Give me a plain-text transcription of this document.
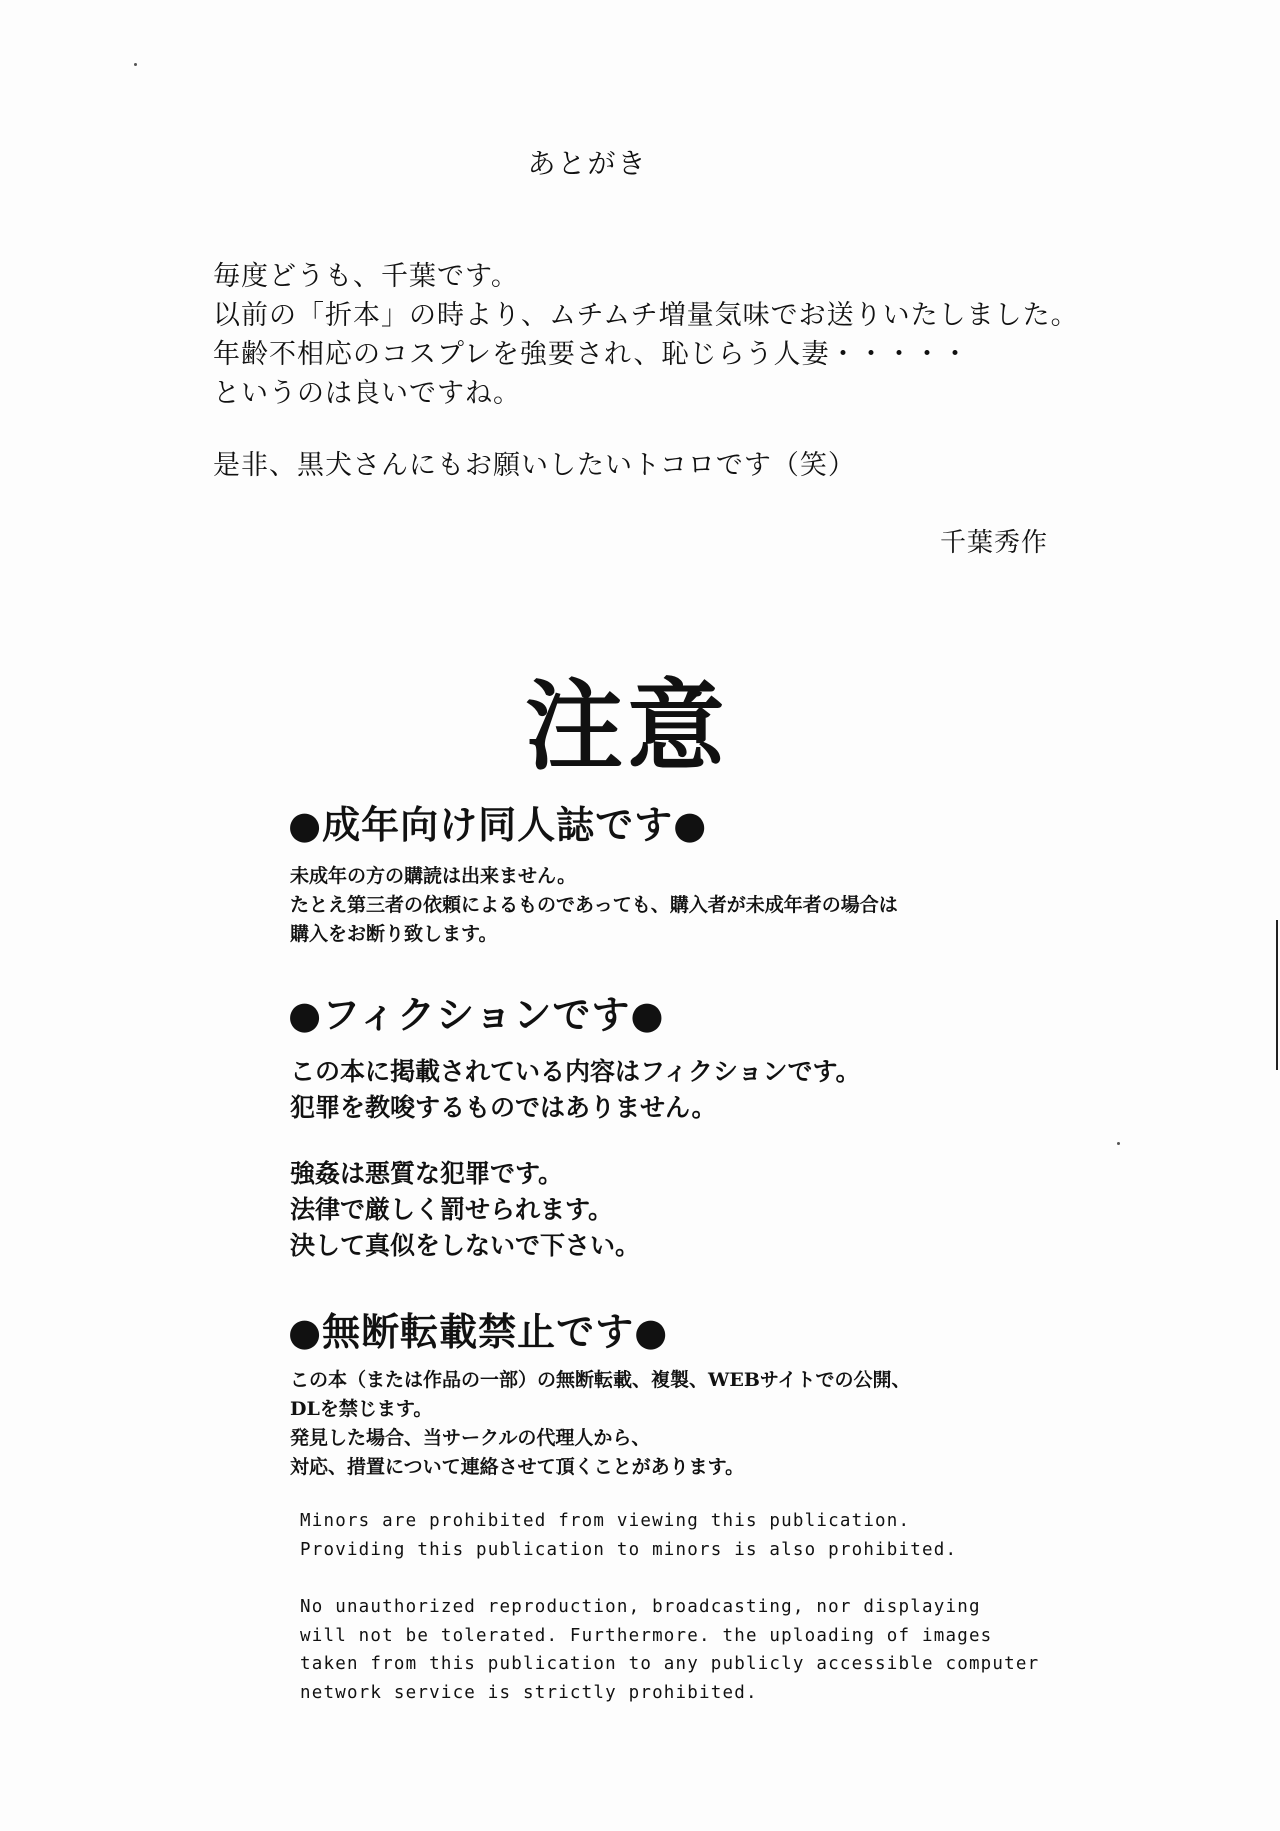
あとがき
毎度どうも、千葉です。
以前の「折本」の時より、ムチムチ増量気味でお送りいたしました。
年齢不相応のコスプレを強要され、恥じらう人妻・・・・・
というのは良いですね。
是非、黒犬さんにもお願いしたいトコロです（笑）
千葉秀作
注意
●成年向け同人誌です●
未成年の方の購読は出来ません。
たとえ第三者の依頼によるものであっても、購入者が未成年者の場合は
購入をお断り致します。
●フィクションです●
この本に掲載されている内容はフィクションです。
犯罪を教唆するものではありません。
強姦は悪質な犯罪です。
法律で厳しく罰せられます。
決して真似をしないで下さい。
●無断転載禁止です●
この本（または作品の一部）の無断転載、複製、WEBサイトでの公開、
DLを禁じます。
発見した場合、当サークルの代理人から、
対応、措置について連絡させて頂くことがあります。
Minors are prohibited from viewing this publication.
Providing this publication to minors is also prohibited.
No unauthorized reproduction, broadcasting, nor displaying
will not be tolerated. Furthermore. the uploading of images
taken from this publication to any publicly accessible computer
network service is strictly prohibited.
